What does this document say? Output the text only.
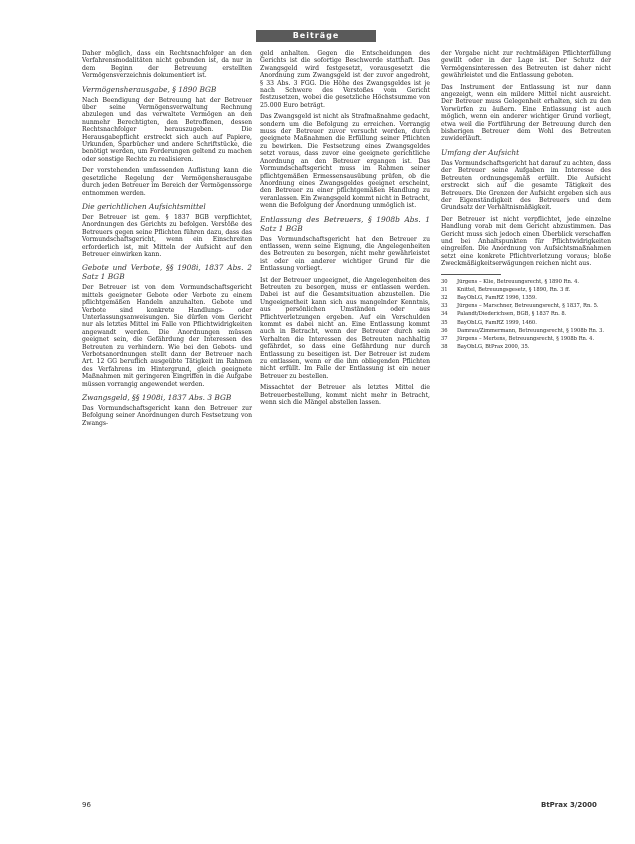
Beiträge

Daher möglich, dass ein Rechtsnachfolger an den Verfahrensmodalitäten nicht gebunden ist, da nur in dem Beginn der Betreuung erstellten Vermögensverzeichnis dokumentiert ist.

Vermögensherausgabe, § 1890 BGB

Nach Beendigung der Betreuung hat der Betreuer über seine Vermögensverwaltung Rechnung abzulegen und das verwaltete Vermögen an den nunmehr Berechtigten, den Betroffenen, dessen Rechtsnachfolger herauszugeben. Die Herausgabepflicht erstreckt sich auch auf Papiere, Urkunden, Sparbücher und andere Schriftstücke, die benötigt werden, um Forderungen geltend zu machen oder sonstige Rechte zu realisieren.

Der vorstehenden umfassenden Auflistung kann die gesetzliche Regelung der Vermögensherausgabe durch jeden Betreuer im Bereich der Vermögenssorge entnommen werden.

Die gerichtlichen Aufsichtsmittel

Der Betreuer ist gem. § 1837 BGB verpflichtet, Anordnungen des Gerichts zu befolgen. Verstöße des Betreuers gegen seine Pflichten führen dazu, dass das Vormundschaftsgericht, wenn ein Einschreiten erforderlich ist, mit Mitteln der Aufsicht auf den Betreuer einwirken kann.

Gebote und Verbote, §§ 1908i, 1837 Abs. 2 Satz 1 BGB

Der Betreuer ist von dem Vormundschaftsgericht mittels geeigneter Gebote oder Verbote zu einem pflichtgemäßen Handeln anzuhalten. Gebote und Verbote sind konkrete Handlungs- oder Unterlassungsanweisungen. Sie dürfen vom Gericht nur als letztes Mittel im Falle von Pflichtwidrigkeiten angewandt werden. Die Anordnungen müssen geeignet sein, die Gefährdung der Interessen des Betreuten zu verhindern. Wie bei den Gebots- und Verbotsanordnungen stellt dann der Betreuer nach Art. 12 GG beruflich ausgeübte Tätigkeit im Rahmen des Verfahrens im Hintergrund, gleich geeignete Maßnahmen mit geringeren Eingriffen in die Aufgabe müssen vorrangig angewendet werden.

Zwangsgeld, §§ 1908i, 1837 Abs. 3 BGB

Das Vormundschaftsgericht kann den Betreuer zur Befolgung seiner Anordnungen durch Festsetzung von Zwangs-

geld anhalten. Gegen die Entscheidungen des Gerichts ist die sofortige Beschwerde statthaft. Das Zwangsgeld wird festgesetzt, vorausgesetzt die Anordnung zum Zwangsgeld ist der zuvor angedroht, § 33 Abs. 3 FGG. Die Höhe des Zwangsgeldes ist je nach Schwere des Verstoßes vom Gericht festzusetzen, wobei die gesetzliche Höchstsumme von 25.000 Euro beträgt.

Das Zwangsgeld ist nicht als Strafmaßnahme gedacht, sondern um die Befolgung zu erreichen. Vorrangig muss der Betreuer zuvor versucht werden, durch geeignete Maßnahmen die Erfüllung seiner Pflichten zu bewirken. Die Festsetzung eines Zwangsgeldes setzt voraus, dass zuvor eine geeignete gerichtliche Anordnung an den Betreuer ergangen ist. Das Vormundschaftsgericht muss im Rahmen seiner pflichtgemäßen Ermessensausübung prüfen, ob die Anordnung eines Zwangsgeldes geeignet erscheint, den Betreuer zu einer pflichtgemäßen Handlung zu veranlassen. Ein Zwangsgeld kommt nicht in Betracht, wenn die Befolgung der Anordnung unmöglich ist.

Entlassung des Betreuers, § 1908b Abs. 1 Satz 1 BGB

Das Vormundschaftsgericht hat den Betreuer zu entlassen, wenn seine Eignung, die Angelegenheiten des Betreuten zu besorgen, nicht mehr gewährleistet ist oder ein anderer wichtiger Grund für die Entlassung vorliegt.

Ist der Betreuer ungeeignet, die Angelegenheiten des Betreuten zu besorgen, muss er entlassen werden. Dabei ist auf die Gesamtsituation abzustellen. Die Ungeeignetheit kann sich aus mangelnder Kenntnis, aus persönlichen Umständen oder aus Pflichtverletzungen ergeben. Auf ein Verschulden kommt es dabei nicht an. Eine Entlassung kommt auch in Betracht, wenn der Betreuer durch sein Verhalten die Interessen des Betreuten nachhaltig gefährdet, so dass eine Gefährdung nur durch Entlassung zu beseitigen ist. Der Betreuer ist zudem zu entlassen, wenn er die ihm obliegenden Pflichten nicht erfüllt. Im Falle der Entlassung ist ein neuer Betreuer zu bestellen.

Missachtet der Betreuer als letztes Mittel die Betreuerbestellung, kommt nicht mehr in Betracht, wenn sich die Mängel abstellen lassen.

der Vorgabe nicht zur rechtmäßigen Pflichterfüllung gewillt oder in der Lage ist. Der Schutz der Vermögensinteressen des Betreuten ist daher nicht gewährleistet und die Entlassung geboten.

Das Instrument der Entlassung ist nur dann angezeigt, wenn ein mildere Mittel nicht ausreicht. Der Betreuer muss Gelegenheit erhalten, sich zu den Vorwürfen zu äußern. Eine Entlassung ist auch möglich, wenn ein anderer wichtiger Grund vorliegt, etwa weil die Fortführung der Betreuung durch den bisherigen Betreuer dem Wohl des Betreuten zuwiderläuft.

Umfang der Aufsicht

Das Vormundschaftsgericht hat darauf zu achten, dass der Betreuer seine Aufgaben im Interesse des Betreuten ordnungsgemäß erfüllt. Die Aufsicht erstreckt sich auf die gesamte Tätigkeit des Betreuers. Die Grenzen der Aufsicht ergeben sich aus der Eigenständigkeit des Betreuers und dem Grundsatz der Verhältnismäßigkeit.

Der Betreuer ist nicht verpflichtet, jede einzelne Handlung vorab mit dem Gericht abzustimmen. Das Gericht muss sich jedoch einen Überblick verschaffen und bei Anhaltspunkten für Pflichtwidrigkeiten eingreifen. Die Anordnung von Aufsichtsmaßnahmen setzt eine konkrete Pflichtverletzung voraus; bloße Zweckmäßigkeitserwägungen reichen nicht aus.

30	Jürgens – Klie, Betreuungsrecht, § 1890 Rn. 4.
31	Knittel, Betreuungsgesetz, § 1890, Rn. 3 ff.
32	BayObLG, FamRZ 1996, 1359.
33	Jürgens – Marschner, Betreuungsrecht, § 1837, Rn. 5.
34	Palandt/Diederichsen, BGB, § 1837 Rn. 8.
35	BayObLG, FamRZ 1999, 1460.
36	Damrau/Zimmermann, Betreuungsrecht, § 1908b Rn. 3.
37	Jürgens – Mertens, Betreuungsrecht, § 1908b Rn. 4.
38	BayObLG, BtPrax 2000, 35.
96	BtPrax 3/2000
